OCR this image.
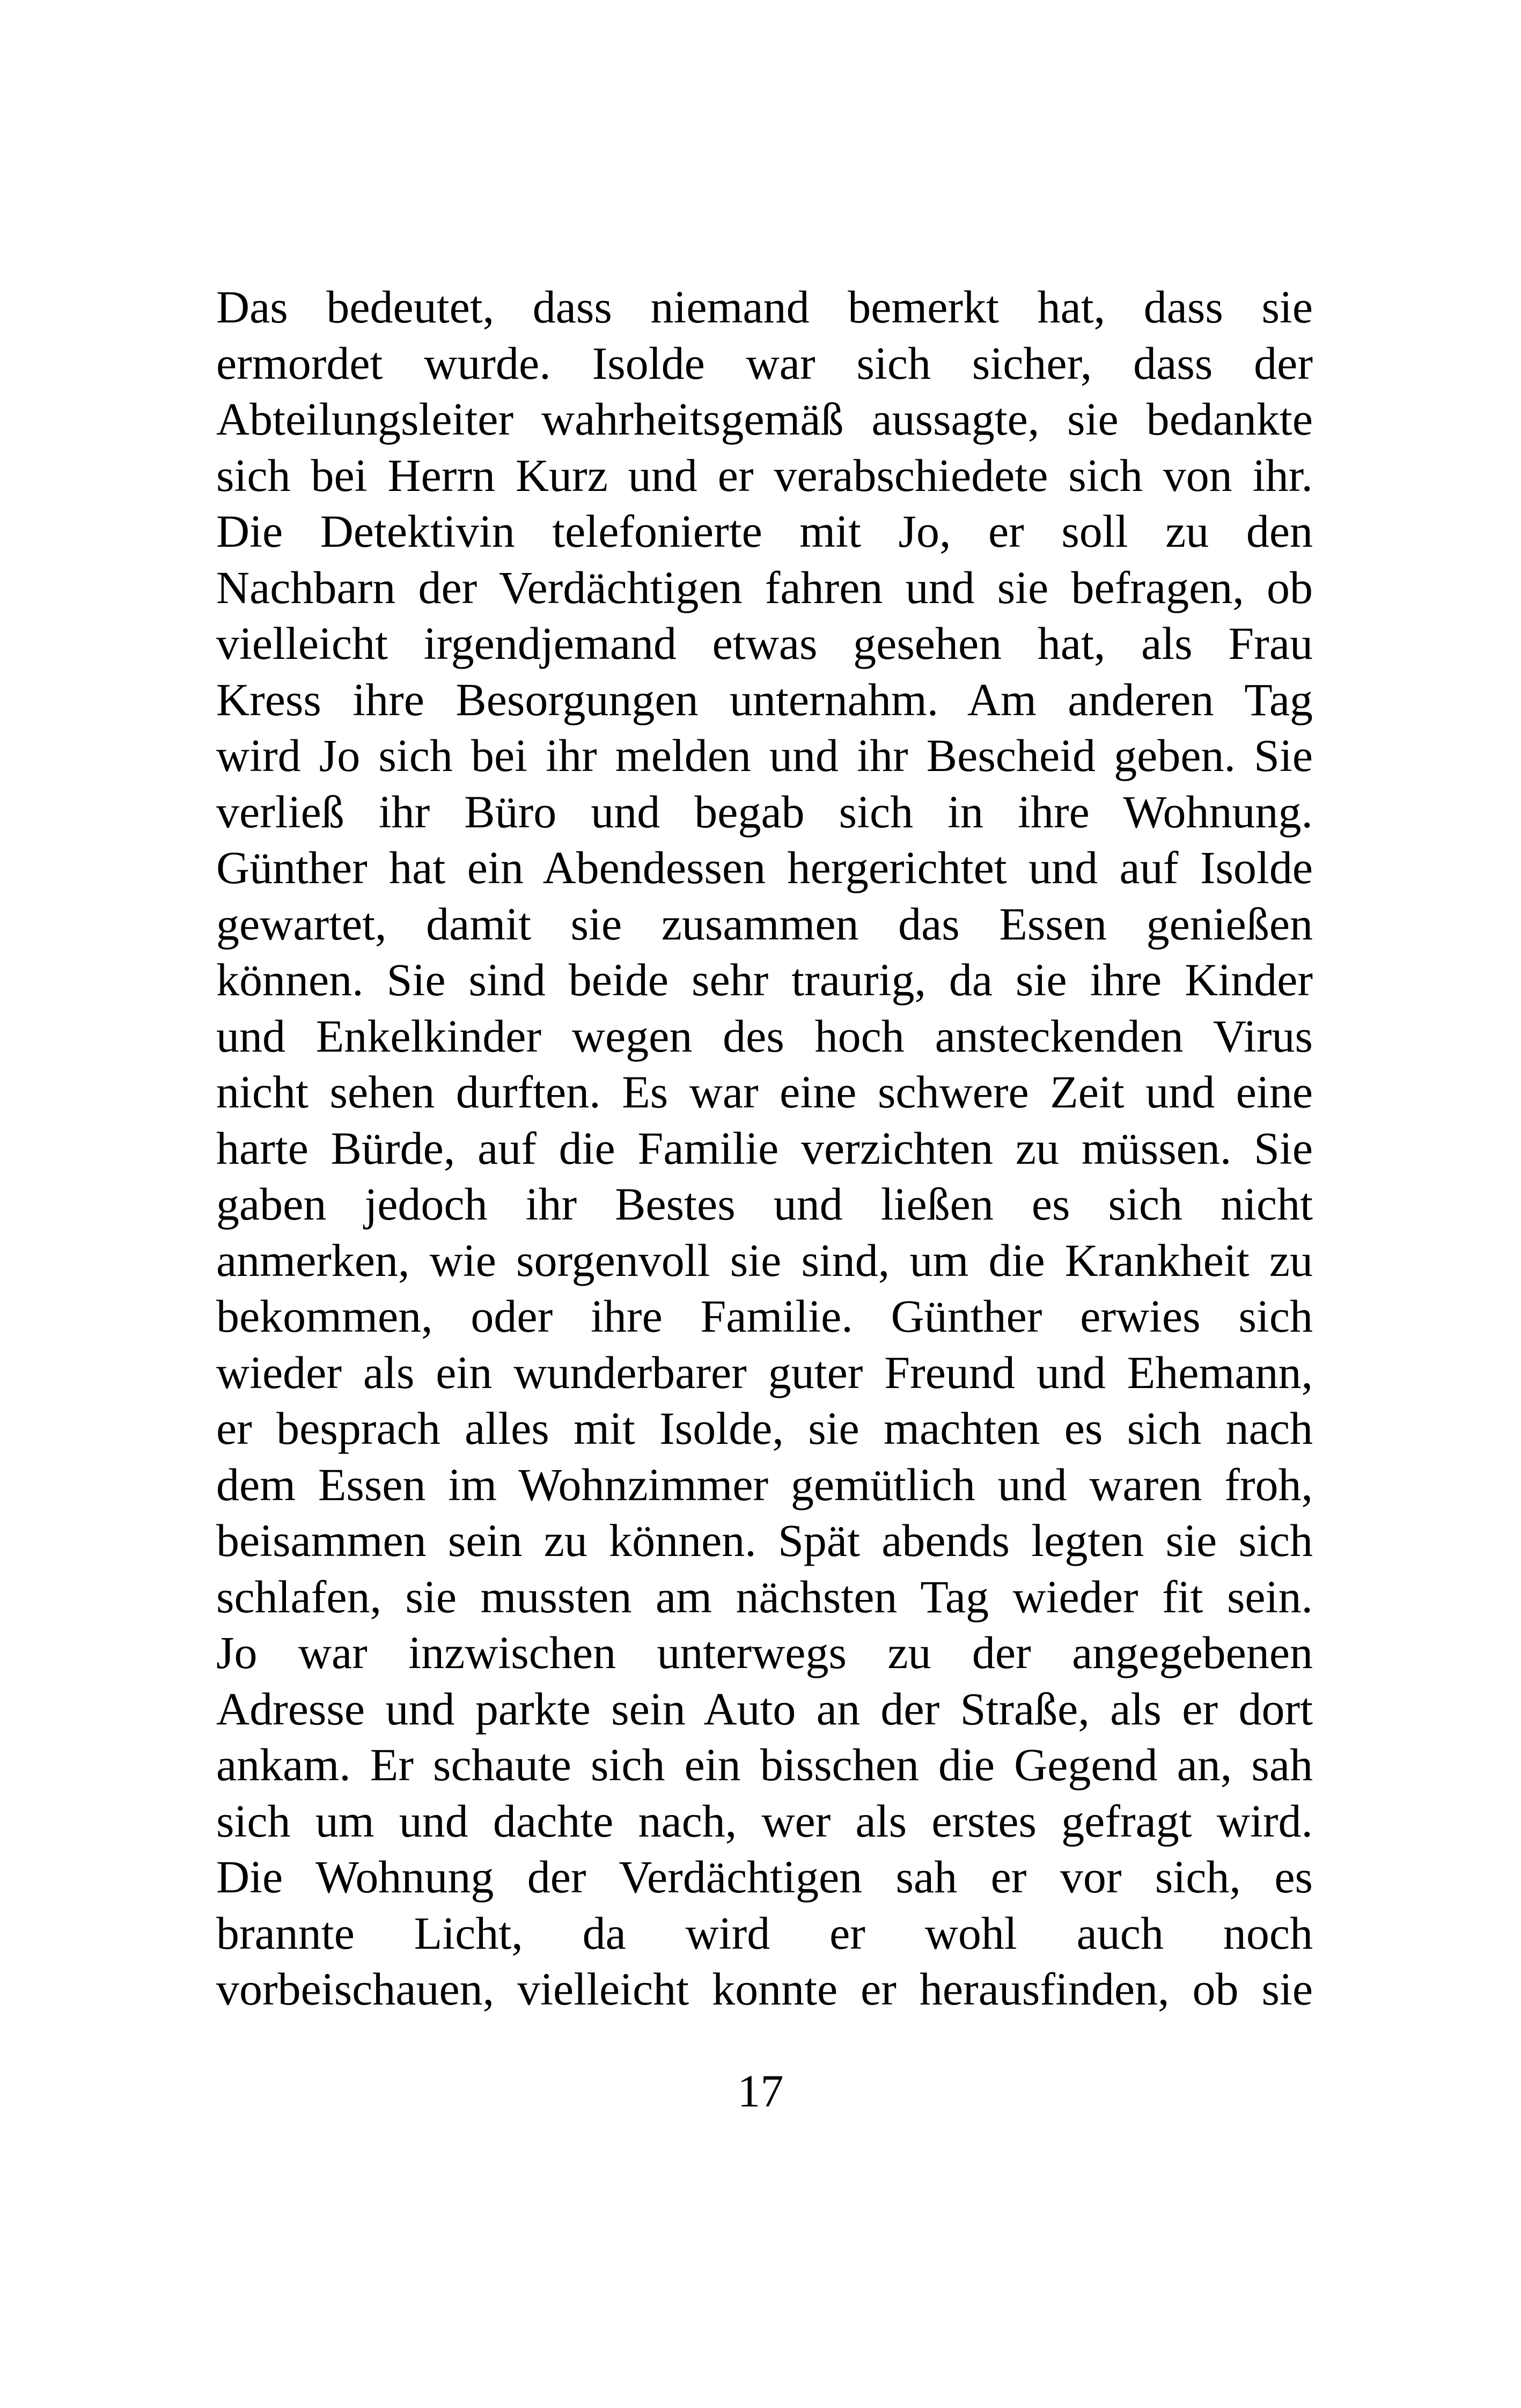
Das bedeutet, dass niemand bemerkt hat, dass sie
ermordet wurde. Isolde war sich sicher, dass der
Abteilungsleiter wahrheitsgemäß aussagte, sie bedankte
sich bei Herrn Kurz und er verabschiedete sich von ihr.
Die Detektivin telefonierte mit Jo, er soll zu den
Nachbarn der Verdächtigen fahren und sie befragen, ob
vielleicht irgendjemand etwas gesehen hat, als Frau
Kress ihre Besorgungen unternahm. Am anderen Tag
wird Jo sich bei ihr melden und ihr Bescheid geben. Sie
verließ ihr Büro und begab sich in ihre Wohnung.
Günther hat ein Abendessen hergerichtet und auf Isolde
gewartet, damit sie zusammen das Essen genießen
können. Sie sind beide sehr traurig, da sie ihre Kinder
und Enkelkinder wegen des hoch ansteckenden Virus
nicht sehen durften. Es war eine schwere Zeit und eine
harte Bürde, auf die Familie verzichten zu müssen. Sie
gaben jedoch ihr Bestes und ließen es sich nicht
anmerken, wie sorgenvoll sie sind, um die Krankheit zu
bekommen, oder ihre Familie. Günther erwies sich
wieder als ein wunderbarer guter Freund und Ehemann,
er besprach alles mit Isolde, sie machten es sich nach
dem Essen im Wohnzimmer gemütlich und waren froh,
beisammen sein zu können. Spät abends legten sie sich
schlafen, sie mussten am nächsten Tag wieder fit sein.
Jo war inzwischen unterwegs zu der angegebenen
Adresse und parkte sein Auto an der Straße, als er dort
ankam. Er schaute sich ein bisschen die Gegend an, sah
sich um und dachte nach, wer als erstes gefragt wird.
Die Wohnung der Verdächtigen sah er vor sich, es
brannte Licht, da wird er wohl auch noch
vorbeischauen, vielleicht konnte er herausfinden, ob sie
17
